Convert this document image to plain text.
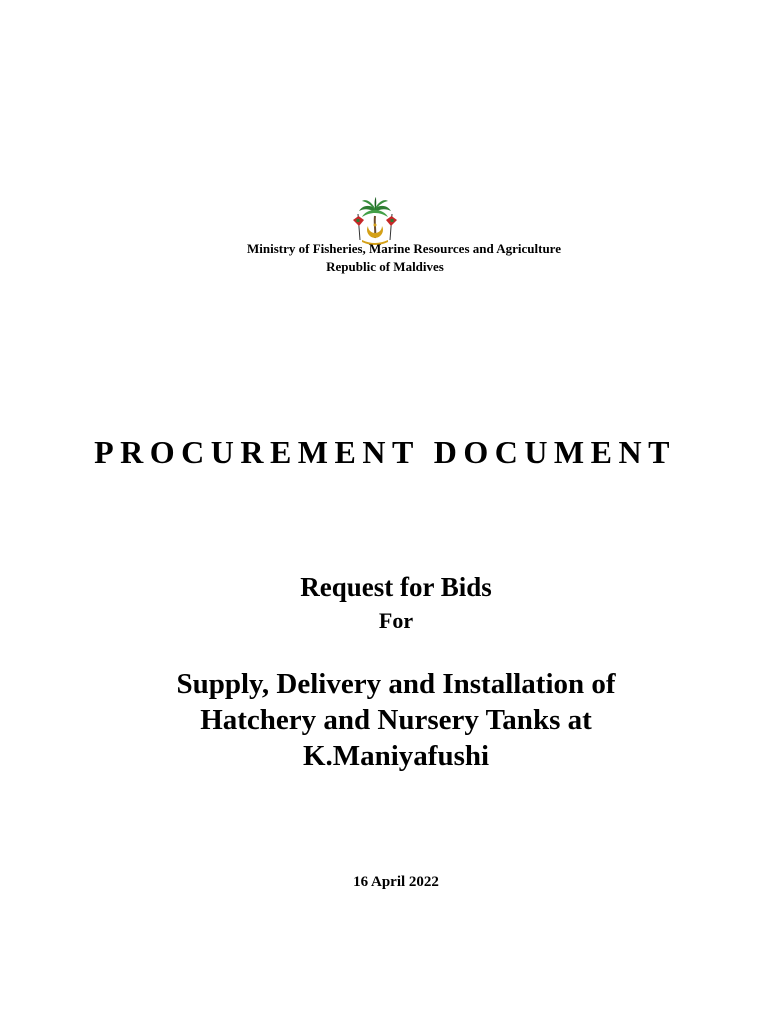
Ministry of Fisheries, Marine Resources and Agriculture
Republic of Maldives
PROCUREMENT DOCUMENT
Request for Bids
For
Supply, Delivery and Installation of
Hatchery and Nursery Tanks at
K.Maniyafushi
16 April 2022
